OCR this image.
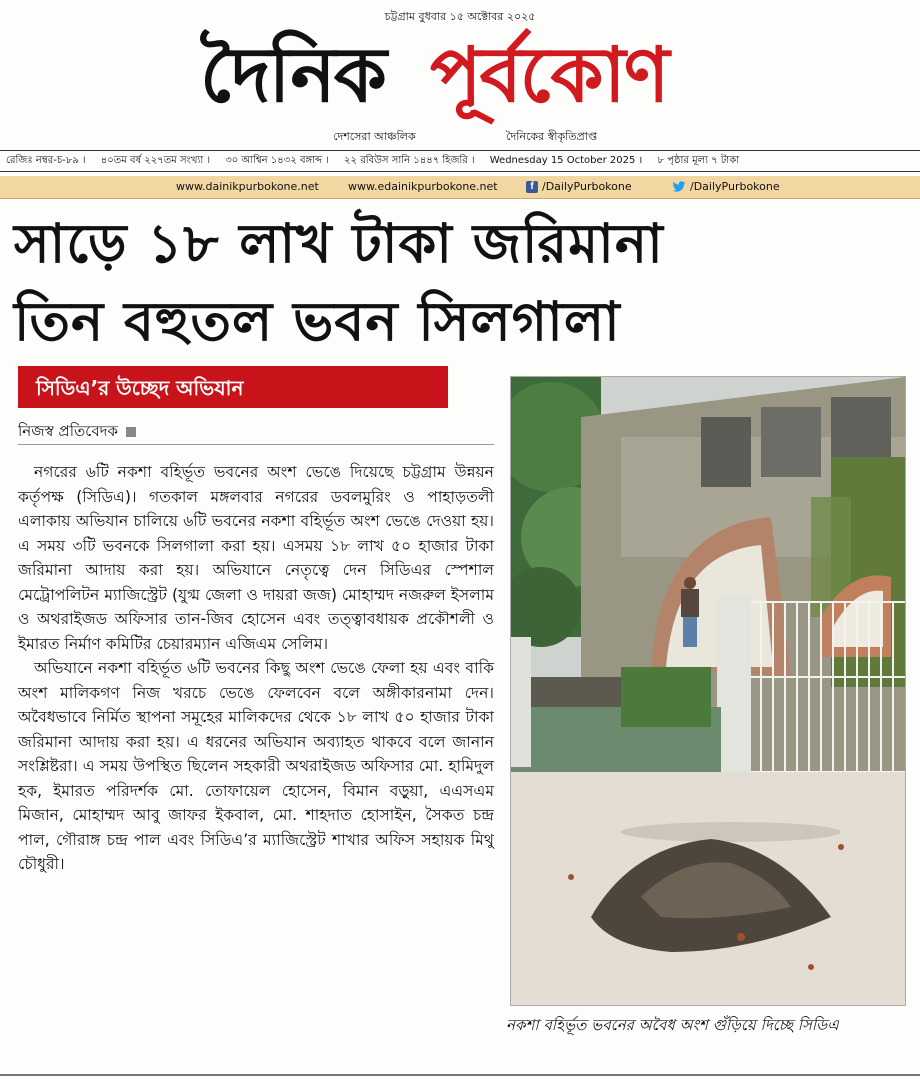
চট্টগ্রাম বুধবার ১৫ অক্টোবর ২০২৫
দৈনিক পূর্বকোণ
দেশসেরা আঞ্চলিক	দৈনিকের স্বীকৃতিপ্রাপ্ত
রেজিঃ নম্বর-চ-৮৯ । ৪০তম বর্ষ ২২৭তম সংখ্যা । ৩০ আশ্বিন ১৪৩২ বঙ্গাব্দ । ২২ রবিউস সানি ১৪৪৭ হিজরি । Wednesday 15 October 2025 । ৮ পৃষ্ঠার মূল্য ৭ টাকা
www.dainikpurbokone.net	www.edainikpurbokone.net	f /DailyPurbokone	/DailyPurbokone
সাড়ে ১৮ লাখ টাকা জরিমানা
তিন বহুতল ভবন সিলগালা
সিডিএ’র উচ্ছেদ অভিযান
নিজস্ব প্রতিবেদক

নগরের ৬টি নকশা বহির্ভূত ভবনের অংশ ভেঙে দিয়েছে চট্টগ্রাম উন্নয়ন কর্তৃপক্ষ (সিডিএ)। গতকাল মঙ্গলবার নগরের ডবলমুরিং ও পাহাড়তলী এলাকায় অভিযান চালিয়ে ৬টি ভবনের নকশা বহির্ভূত অংশ ভেঙে দেওয়া হয়। এ সময় ৩টি ভবনকে সিলগালা করা হয়। এসময় ১৮ লাখ ৫০ হাজার টাকা জরিমানা আদায় করা হয়। অভিযানে নেতৃত্বে দেন সিডিএর স্পেশাল মেট্রোপলিটন ম্যাজিস্ট্রেট (যুগ্ম জেলা ও দায়রা জজ) মোহাম্মদ নজরুল ইসলাম ও অথরাইজড অফিসার তান-জিব হোসেন এবং তত্ত্বাবধায়ক প্রকৌশলী ও ইমারত নির্মাণ কমিটির চেয়ারম্যান এজিএম সেলিম।

অভিযানে নকশা বহির্ভূত ৬টি ভবনের কিছু অংশ ভেঙে ফেলা হয় এবং বাকি অংশ মালিকগণ নিজ খরচে ভেঙে ফেলবেন বলে অঙ্গীকারনামা দেন। অবৈধভাবে নির্মিত স্থাপনা সমূহের মালিকদের থেকে ১৮ লাখ ৫০ হাজার টাকা জরিমানা আদায় করা হয়। এ ধরনের অভিযান অব্যাহত থাকবে বলে জানান সংশ্লিষ্টরা। এ সময় উপস্থিত ছিলেন সহকারী অথরাইজড অফিসার মো. হামিদুল হক, ইমারত পরিদর্শক মো. তোফায়েল হোসেন, বিমান বড়ুয়া, এএসএম মিজান, মোহাম্মদ আবু জাফর ইকবাল, মো. শাহদাত হোসাইন, সৈকত চন্দ্র পাল, গৌরাঙ্গ চন্দ্র পাল এবং সিডিএ’র ম্যাজিস্ট্রেট শাখার অফিস সহায়ক মিথু চৌধুরী।

নকশা বহির্ভূত ভবনের অবৈধ অংশ গুঁড়িয়ে দিচ্ছে সিডিএ
